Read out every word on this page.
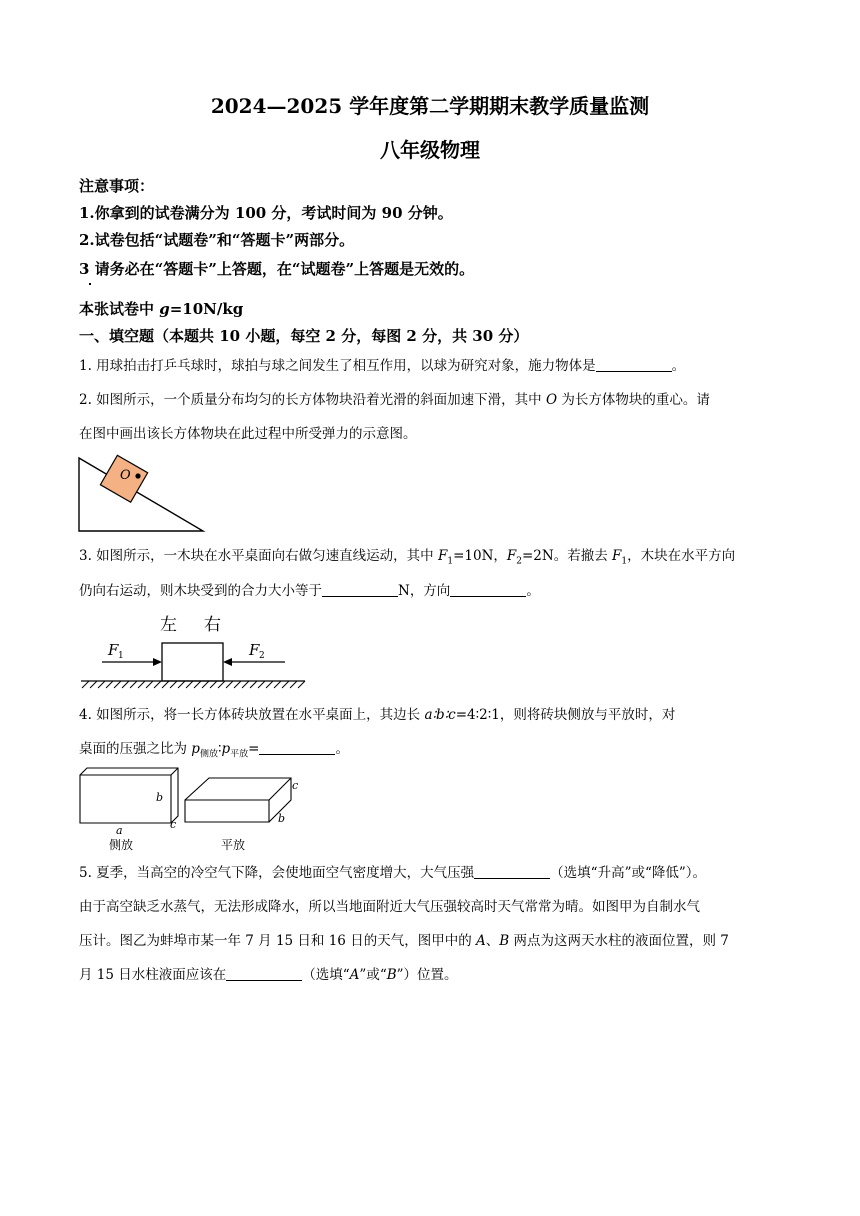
2024—2025 学年度第二学期期末教学质量监测
八年级物理
注意事项：
1.你拿到的试卷满分为 100 分，考试时间为 90 分钟。
2.试卷包括“试题卷”和“答题卡”两部分。
3 请务必在“答题卡”上答题，在“试题卷”上答题是无效的。
本张试卷中 g=10N/kg
一、填空题（本题共 10 小题，每空 2 分，每图 2 分，共 30 分）
1. 用球拍击打乒乓球时，球拍与球之间发生了相互作用，以球为研究对象，施力物体是	。
2. 如图所示，一个质量分布均匀的长方体物块沿着光滑的斜面加速下滑，其中 O 为长方体物块的重心。请
在图中画出该长方体物块在此过程中所受弹力的示意图。
O
3. 如图所示，一木块在水平桌面向右做匀速直线运动，其中 $F_1=10N$，$F_2=2N$。若撤去 $F_1$，木块在水平方向
仍向右运动，则木块受到的合力大小等于	N，方向	。
左 右
F 1	F 2
4. 如图所示，将一长方体砖块放置在水平桌面上，其边长 a∶b∶c=4∶2∶1，则将砖块侧放与平放时，对
桌面的压强之比为 $p_{侧放}∶p_{平放}=$	。
b
c
a
侧放
c
b
平放
5. 夏季，当高空的冷空气下降，会使地面空气密度增大，大气压强	（选填“升高”或“降低”）。
由于高空缺乏水蒸气，无法形成降水，所以当地面附近大气压强较高时天气常常为晴。如图甲为自制水气
压计。图乙为蚌埠市某一年 7 月 15 日和 16 日的天气，图甲中的 A、B 两点为这两天水柱的液面位置，则 7
月 15 日水柱液面应该在	（选填“A”或“B”）位置。
